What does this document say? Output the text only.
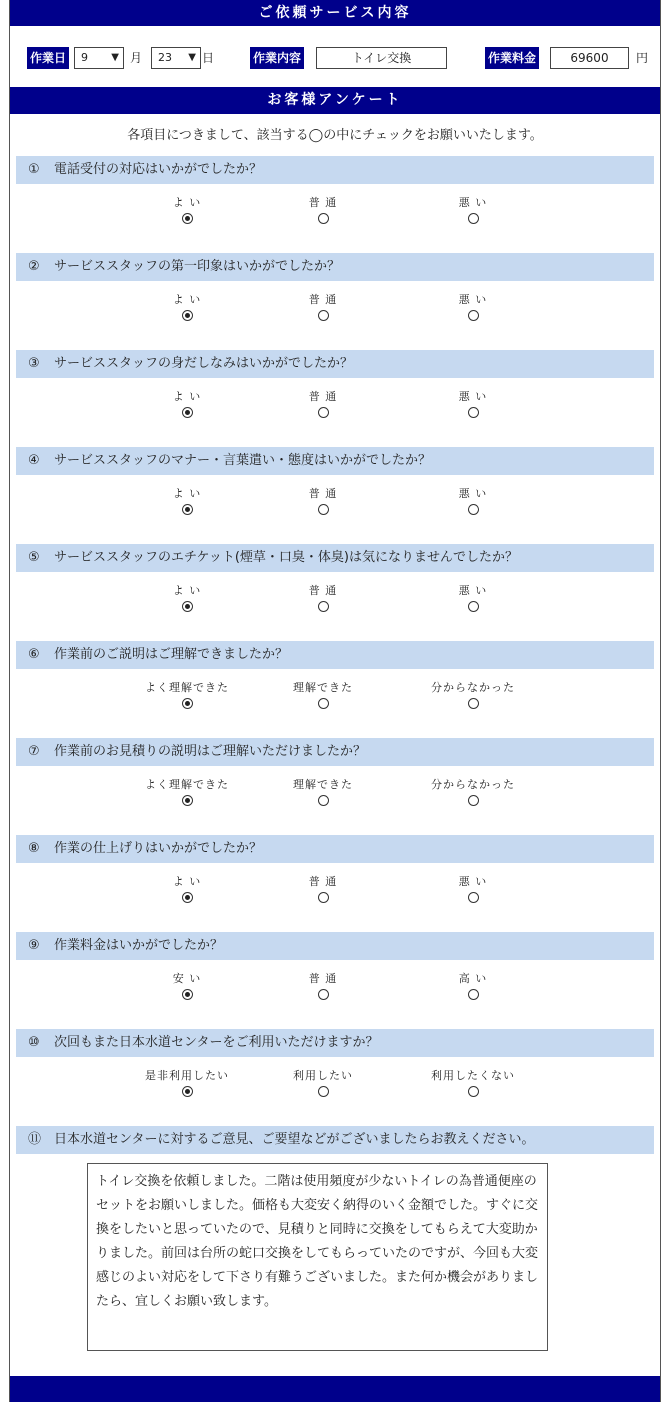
ご依頼サービス内容
作業日	9 ▼ 月	23 ▼ 日	作業内容	トイレ交換	作業料金	69600	円
お客様アンケート
各項目につきまして、該当する◯の中にチェックをお願いいたします。
① 電話受付の対応はいかがでしたか？
よ い	普 通	悪 い
② サービススタッフの第一印象はいかがでしたか？
よ い	普 通	悪 い
③ サービススタッフの身だしなみはいかがでしたか？
よ い	普 通	悪 い
④ サービススタッフのマナー・言葉遣い・態度はいかがでしたか？
よ い	普 通	悪 い
⑤ サービススタッフのエチケット(煙草・口臭・体臭)は気になりませんでしたか？
よ い	普 通	悪 い
⑥ 作業前のご説明はご理解できましたか？
よく理解できた	理解できた	分からなかった
⑦ 作業前のお見積りの説明はご理解いただけましたか？
よく理解できた	理解できた	分からなかった
⑧ 作業の仕上げりはいかがでしたか？
よ い	普 通	悪 い
⑨ 作業料金はいかがでしたか？
安 い	普 通	高 い
⑩ 次回もまた日本水道センターをご利用いただけますか？
是非利用したい	利用したい	利用したくない
⑪ 日本水道センターに対するご意見、ご要望などがございましたらお教えください。
トイレ交換を依頼しました。二階は使用頻度が少ないトイレの為普通便座のセットをお願いしました。価格も大変安く納得のいく金額でした。すぐに交換をしたいと思っていたので、見積りと同時に交換をしてもらえて大変助かりました。前回は台所の蛇口交換をしてもらっていたのですが、今回も大変感じのよい対応をして下さり有難うございました。また何か機会がありましたら、宜しくお願い致します。
